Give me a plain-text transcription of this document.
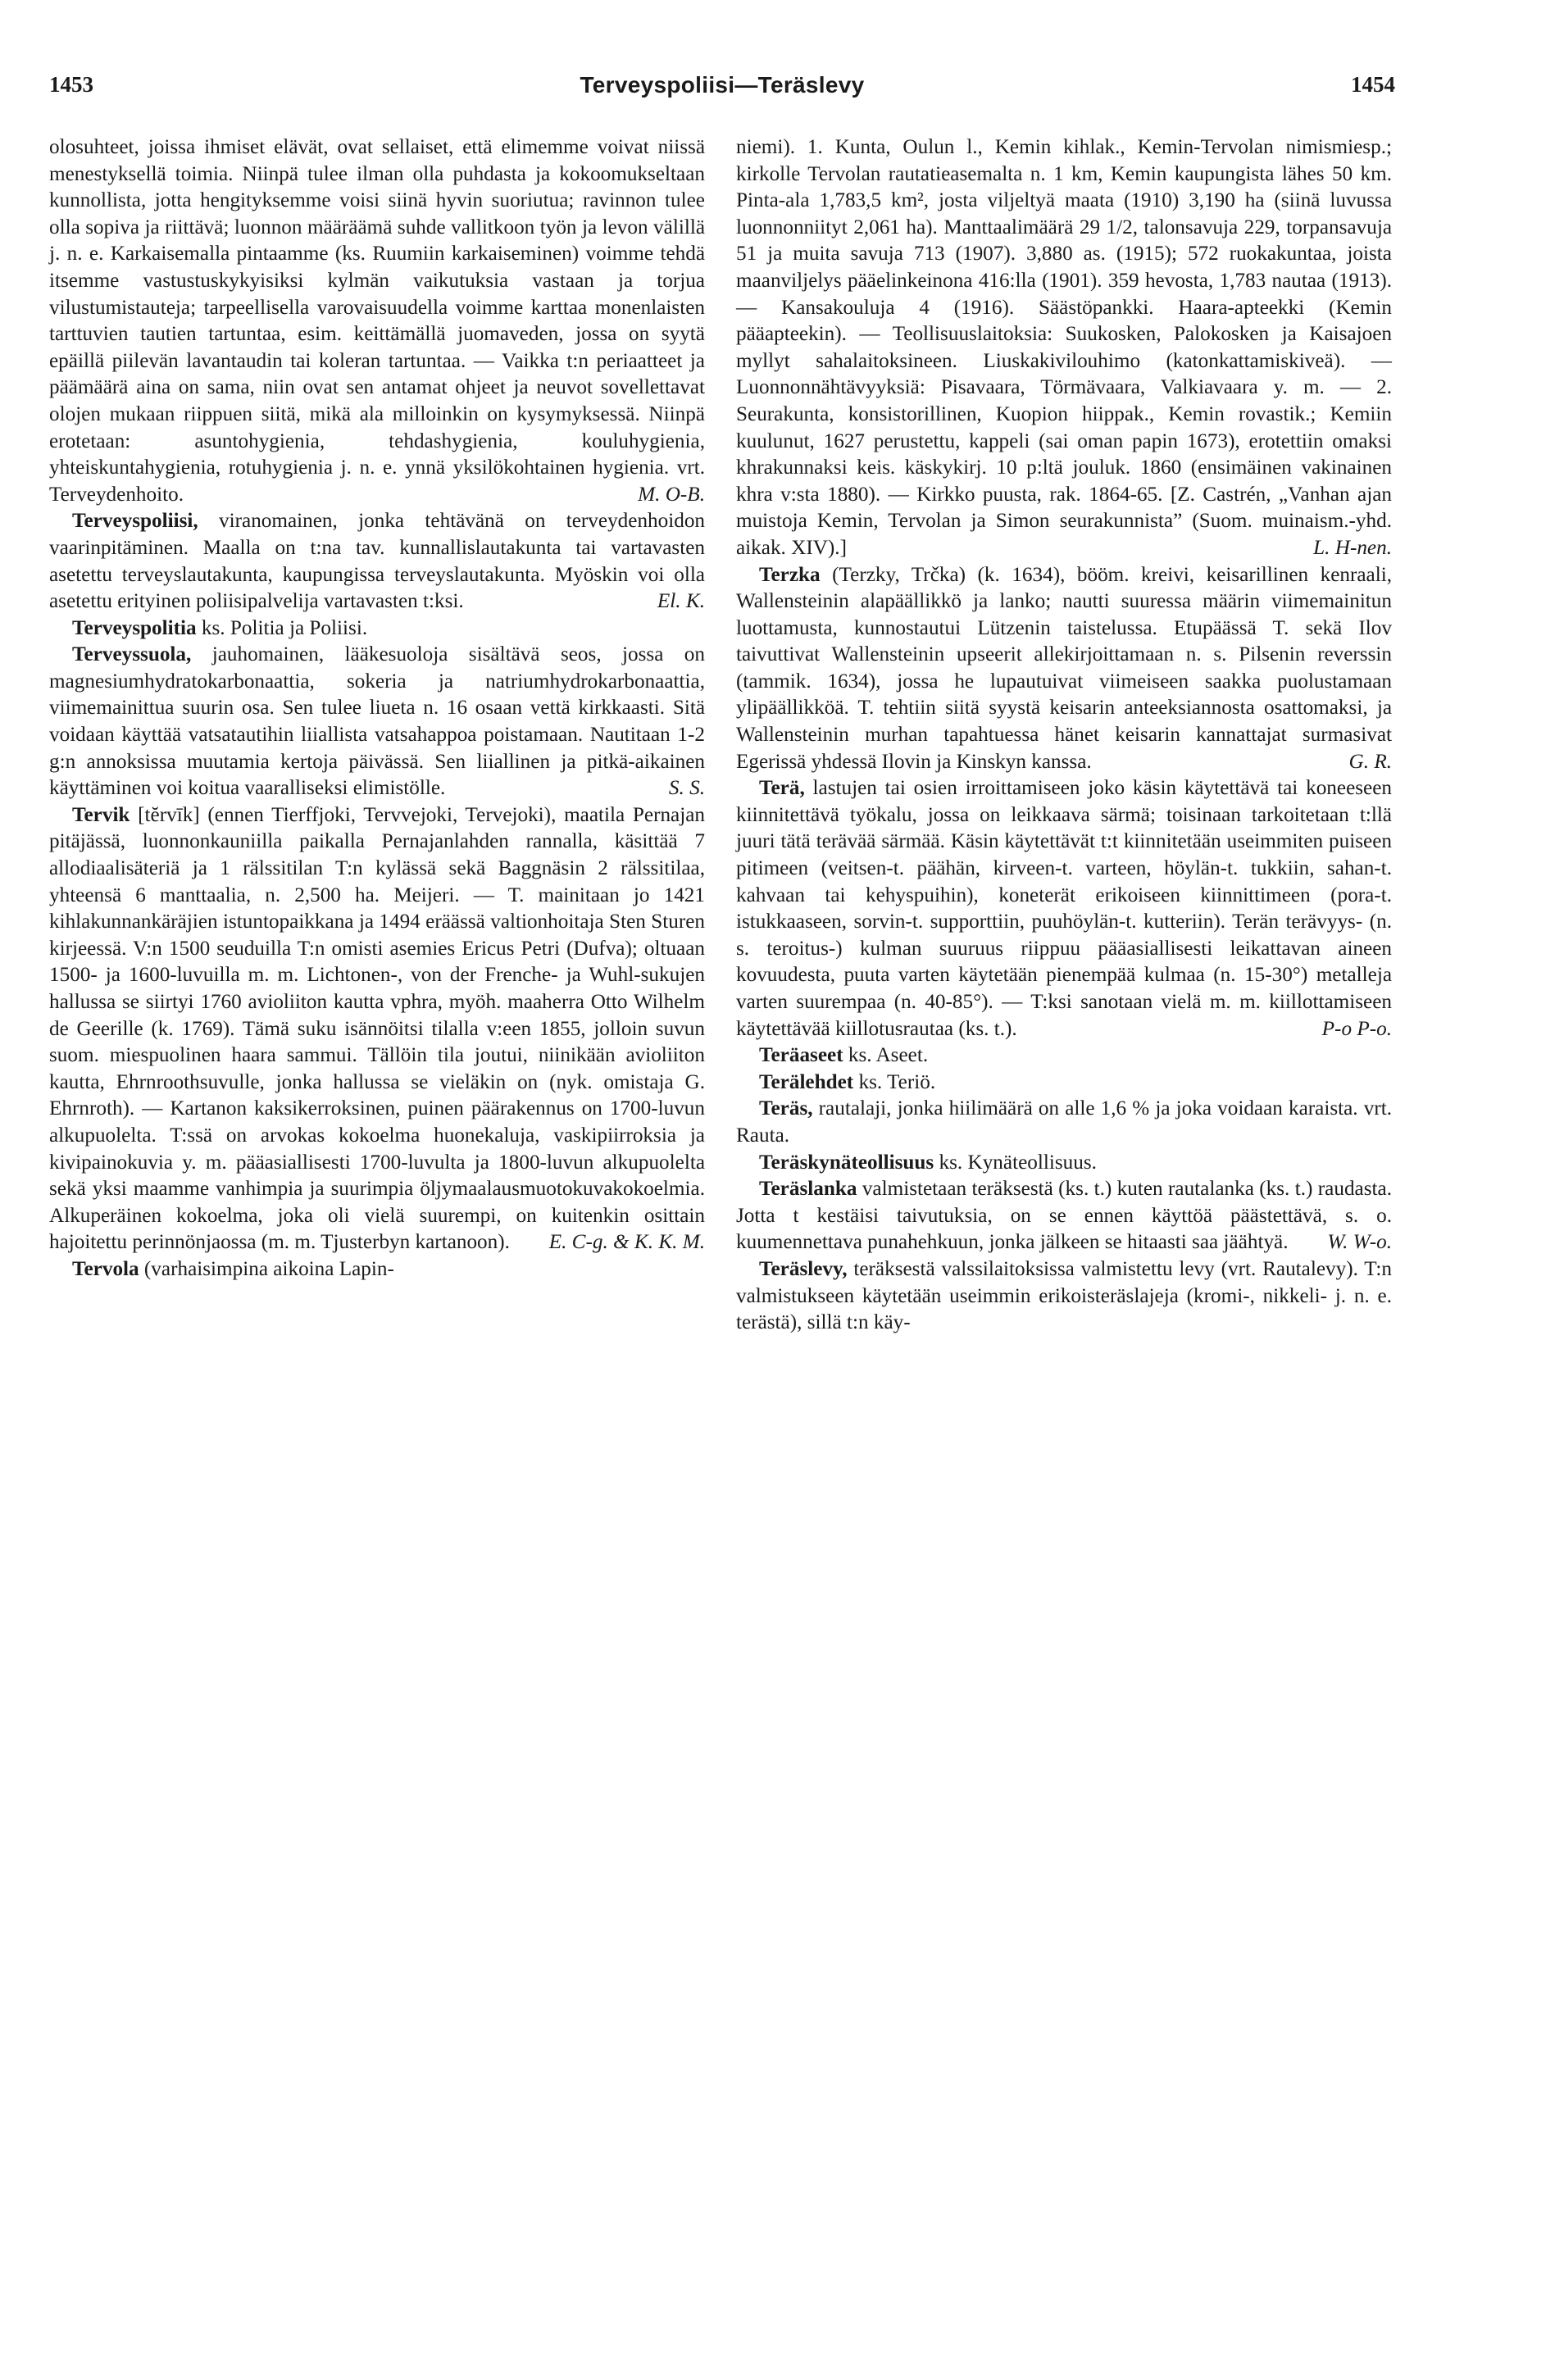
1453	Terveyspoliisi—Teräslevy	1454

olosuhteet, joissa ihmiset elävät, ovat sellaiset, että elimemme voivat niissä menestyksellä toimia. Niinpä tulee ilman olla puhdasta ja kokoomukseltaan kunnollista, jotta hengityksemme voisi siinä hyvin suoriutua; ravinnon tulee olla sopiva ja riittävä; luonnon määräämä suhde vallitkoon työn ja levon välillä j. n. e. Karkaisemalla pintaamme (ks. Ruumiin karkaiseminen) voimme tehdä itsemme vastustuskykyisiksi kylmän vaikutuksia vastaan ja torjua vilustumistauteja; tarpeellisella varovaisuudella voimme karttaa monenlaisten tarttuvien tautien tartuntaa, esim. keittämällä juomaveden, jossa on syytä epäillä piilevän lavantaudin tai koleran tartuntaa. — Vaikka t:n periaatteet ja päämäärä aina on sama, niin ovat sen antamat ohjeet ja neuvot sovellettavat olojen mukaan riippuen siitä, mikä ala milloinkin on kysymyksessä. Niinpä erotetaan: asuntohygienia, tehdashygienia, kouluhygienia, yhteiskuntahygienia, rotuhygienia j. n. e. ynnä yksilökohtainen hygienia. vrt. Terveydenhoito.	M. O-B.

Terveyspoliisi, viranomainen, jonka tehtävänä on terveydenhoidon vaarinpitäminen. Maalla on t:na tav. kunnallislautakunta tai vartavasten asetettu terveyslautakunta, kaupungissa terveyslautakunta. Myöskin voi olla asetettu erityinen poliisipalvelija vartavasten t:ksi.	El. K.

Terveyspolitia ks. Politia ja Poliisi.

Terveyssuola, jauhomainen, lääkesuoloja sisältävä seos, jossa on magnesiumhydratokarbonaattia, sokeria ja natriumhydrokarbonaattia, viimemainittua suurin osa. Sen tulee liueta n. 16 osaan vettä kirkkaasti. Sitä voidaan käyttää vatsatautihin liiallista vatsahappoa poistamaan. Nautitaan 1-2 g:n annoksissa muutamia kertoja päivässä. Sen liiallinen ja pitkä-aikainen käyttäminen voi koitua vaaralliseksi elimistölle.	S. S.

Tervik [tĕrvīk] (ennen Tierffjoki, Tervvejoki, Tervejoki), maatila Pernajan pitäjässä, luonnonkauniilla paikalla Pernajanlahden rannalla, käsittää 7 allodiaalisäteriä ja 1 rälssitilan T:n kylässä sekä Baggnäsin 2 rälssitilaa, yhteensä 6 manttaalia, n. 2,500 ha. Meijeri. — T. mainitaan jo 1421 kihlakunnankäräjien istuntopaikkana ja 1494 eräässä valtionhoitaja Sten Sturen kirjeessä. V:n 1500 seuduilla T:n omisti asemies Ericus Petri (Dufva); oltuaan 1500- ja 1600-luvuilla m. m. Lichtonen-, von der Frenche- ja Wuhl-sukujen hallussa se siirtyi 1760 avioliiton kautta vphra, myöh. maaherra Otto Wilhelm de Geerille (k. 1769). Tämä suku isännöitsi tilalla v:een 1855, jolloin suvun suom. miespuolinen haara sammui. Tällöin tila joutui, niinikään avioliiton kautta, Ehrnroothsuvulle, jonka hallussa se vieläkin on (nyk. omistaja G. Ehrnroth). — Kartanon kaksikerroksinen, puinen päärakennus on 1700-luvun alkupuolelta. T:ssä on arvokas kokoelma huonekaluja, vaskipiirroksia ja kivipainokuvia y. m. pääasiallisesti 1700-luvulta ja 1800-luvun alkupuolelta sekä yksi maamme vanhimpia ja suurimpia öljymaalausmuotokuvakokoelmia. Alkuperäinen kokoelma, joka oli vielä suurempi, on kuitenkin osittain hajoitettu perinnönjaossa (m. m. Tjusterbyn kartanoon).	E. C-g. & K. K. M.

Tervola (varhaisimpina aikoina Lapin-

niemi). 1. Kunta, Oulun l., Kemin kihlak., Kemin-Tervolan nimismiesp.; kirkolle Tervolan rautatieasemalta n. 1 km, Kemin kaupungista lähes 50 km. Pinta-ala 1,783,5 km², josta viljeltyä maata (1910) 3,190 ha (siinä luvussa luonnonniityt 2,061 ha). Manttaalimäärä 29 1/2, talonsavuja 229, torpansavuja 51 ja muita savuja 713 (1907). 3,880 as. (1915); 572 ruokakuntaa, joista maanviljelys pääelinkeinona 416:lla (1901). 359 hevosta, 1,783 nautaa (1913). — Kansakouluja 4 (1916). Säästöpankki. Haara-apteekki (Kemin pääapteekin). — Teollisuuslaitoksia: Suukosken, Palokosken ja Kaisajoen myllyt sahalaitoksineen. Liuskakivilouhimo (katonkattamiskiveä). — Luonnonnähtävyyksiä: Pisavaara, Törmävaara, Valkiavaara y. m. — 2. Seurakunta, konsistorillinen, Kuopion hiippak., Kemin rovastik.; Kemiin kuulunut, 1627 perustettu, kappeli (sai oman papin 1673), erotettiin omaksi khrakunnaksi keis. käskykirj. 10 p:ltä jouluk. 1860 (ensimäinen vakinainen khra v:sta 1880). — Kirkko puusta, rak. 1864-65. [Z. Castrén, „Vanhan ajan muistoja Kemin, Tervolan ja Simon seurakunnista” (Suom. muinaism.-yhd. aikak. XIV).]	L. H-nen.

Terzka (Terzky, Trčka) (k. 1634), bööm. kreivi, keisarillinen kenraali, Wallensteinin alapäällikkö ja lanko; nautti suuressa määrin viimemainitun luottamusta, kunnostautui Lützenin taistelussa. Etupäässä T. sekä Ilov taivuttivat Wallensteinin upseerit allekirjoittamaan n. s. Pilsenin reverssin (tammik. 1634), jossa he lupautuivat viimeiseen saakka puolustamaan ylipäällikköä. T. tehtiin siitä syystä keisarin anteeksiannosta osattomaksi, ja Wallensteinin murhan tapahtuessa hänet keisarin kannattajat surmasivat Egerissä yhdessä Ilovin ja Kinskyn kanssa.	G. R.

Terä, lastujen tai osien irroittamiseen joko käsin käytettävä tai koneeseen kiinnitettävä työkalu, jossa on leikkaava särmä; toisinaan tarkoitetaan t:llä juuri tätä terävää särmää. Käsin käytettävät t:t kiinnitetään useimmiten puiseen pitimeen (veitsen-t. päähän, kirveen-t. varteen, höylän-t. tukkiin, sahan-t. kahvaan tai kehyspuihin), koneterät erikoiseen kiinnittimeen (pora-t. istukkaaseen, sorvin-t. supporttiin, puuhöylän-t. kutteriin). Terän terävyys- (n. s. teroitus-) kulman suuruus riippuu pääasiallisesti leikattavan aineen kovuudesta, puuta varten käytetään pienempää kulmaa (n. 15-30°) metalleja varten suurempaa (n. 40-85°). — T:ksi sanotaan vielä m. m. kiillottamiseen käytettävää kiillotusrautaa (ks. t.).	P-o P-o.

Teräaseet ks. Aseet.

Terälehdet ks. Teriö.

Teräs, rautalaji, jonka hiilimäärä on alle 1,6 % ja joka voidaan karaista. vrt. Rauta.

Teräskynäteollisuus ks. Kynäteollisuus.

Teräslanka valmistetaan teräksestä (ks. t.) kuten rautalanka (ks. t.) raudasta. Jotta t kestäisi taivutuksia, on se ennen käyttöä päästettävä, s. o. kuumennettava punahehkuun, jonka jälkeen se hitaasti saa jäähtyä.	W. W-o.

Teräslevy, teräksestä valssilaitoksissa valmistettu levy (vrt. Rautalevy). T:n valmistukseen käytetään useimmin erikoisteräslajeja (kromi-, nikkeli- j. n. e. terästä), sillä t:n käy-
